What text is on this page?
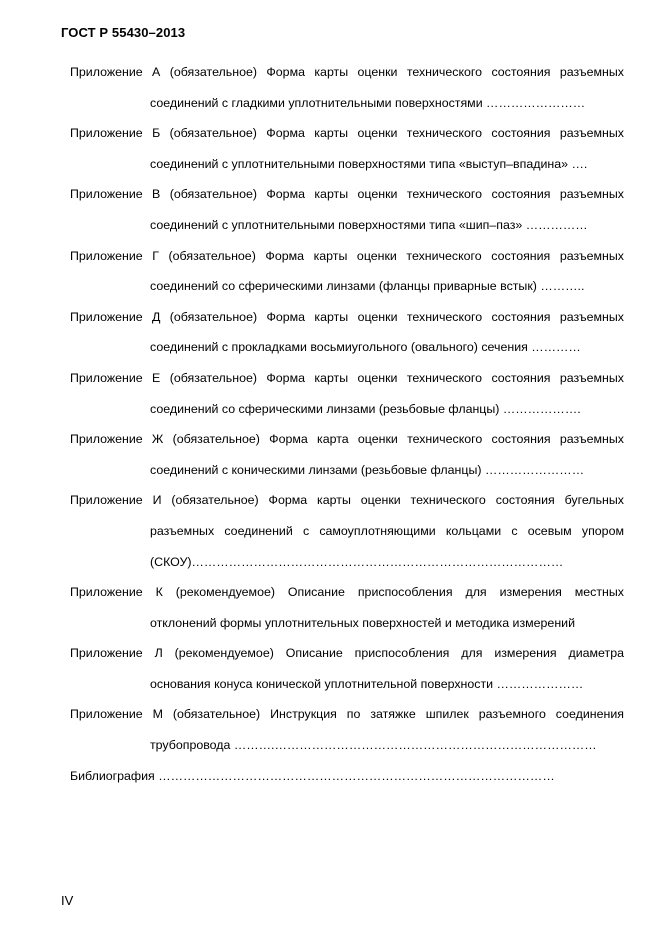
ГОСТ Р 55430–2013
Приложение А (обязательное) Форма карты оценки технического состояния разъемных
соединений с гладкими уплотнительными поверхностями ……………………
Приложение Б (обязательное) Форма карты оценки технического состояния разъемных
соединений с уплотнительными поверхностями типа «выступ–впадина» ….
Приложение В (обязательное) Форма карты оценки технического состояния разъемных
соединений с уплотнительными поверхностями типа «шип–паз» ……………
Приложение Г (обязательное) Форма карты оценки технического состояния разъемных
соединений со сферическими линзами (фланцы приварные встык) ………..
Приложение Д (обязательное) Форма карты оценки технического состояния разъемных
соединений с прокладками восьмиугольного (овального) сечения …………
Приложение Е (обязательное) Форма карты оценки технического состояния разъемных
соединений со сферическими линзами (резьбовые фланцы) ……………….
Приложение Ж (обязательное) Форма карта оценки технического состояния разъемных
соединений с коническими линзами (резьбовые фланцы) ……………………
Приложение И (обязательное) Форма карты оценки технического состояния бугельных
разъемных соединений с самоуплотняющими кольцами с осевым упором
(СКОУ)………………………………………………………………………………
Приложение К (рекомендуемое) Описание приспособления для измерения местных
отклонений формы уплотнительных поверхностей и методика измерений
Приложение Л (рекомендуемое) Описание приспособления для измерения диаметра
основания конуса конической уплотнительной поверхности …………………
Приложение М (обязательное) Инструкция по затяжке шпилек разъемного соединения
трубопровода ……….……………………………………………………………………
Библиография ……………………………………………………………………………………
IV
